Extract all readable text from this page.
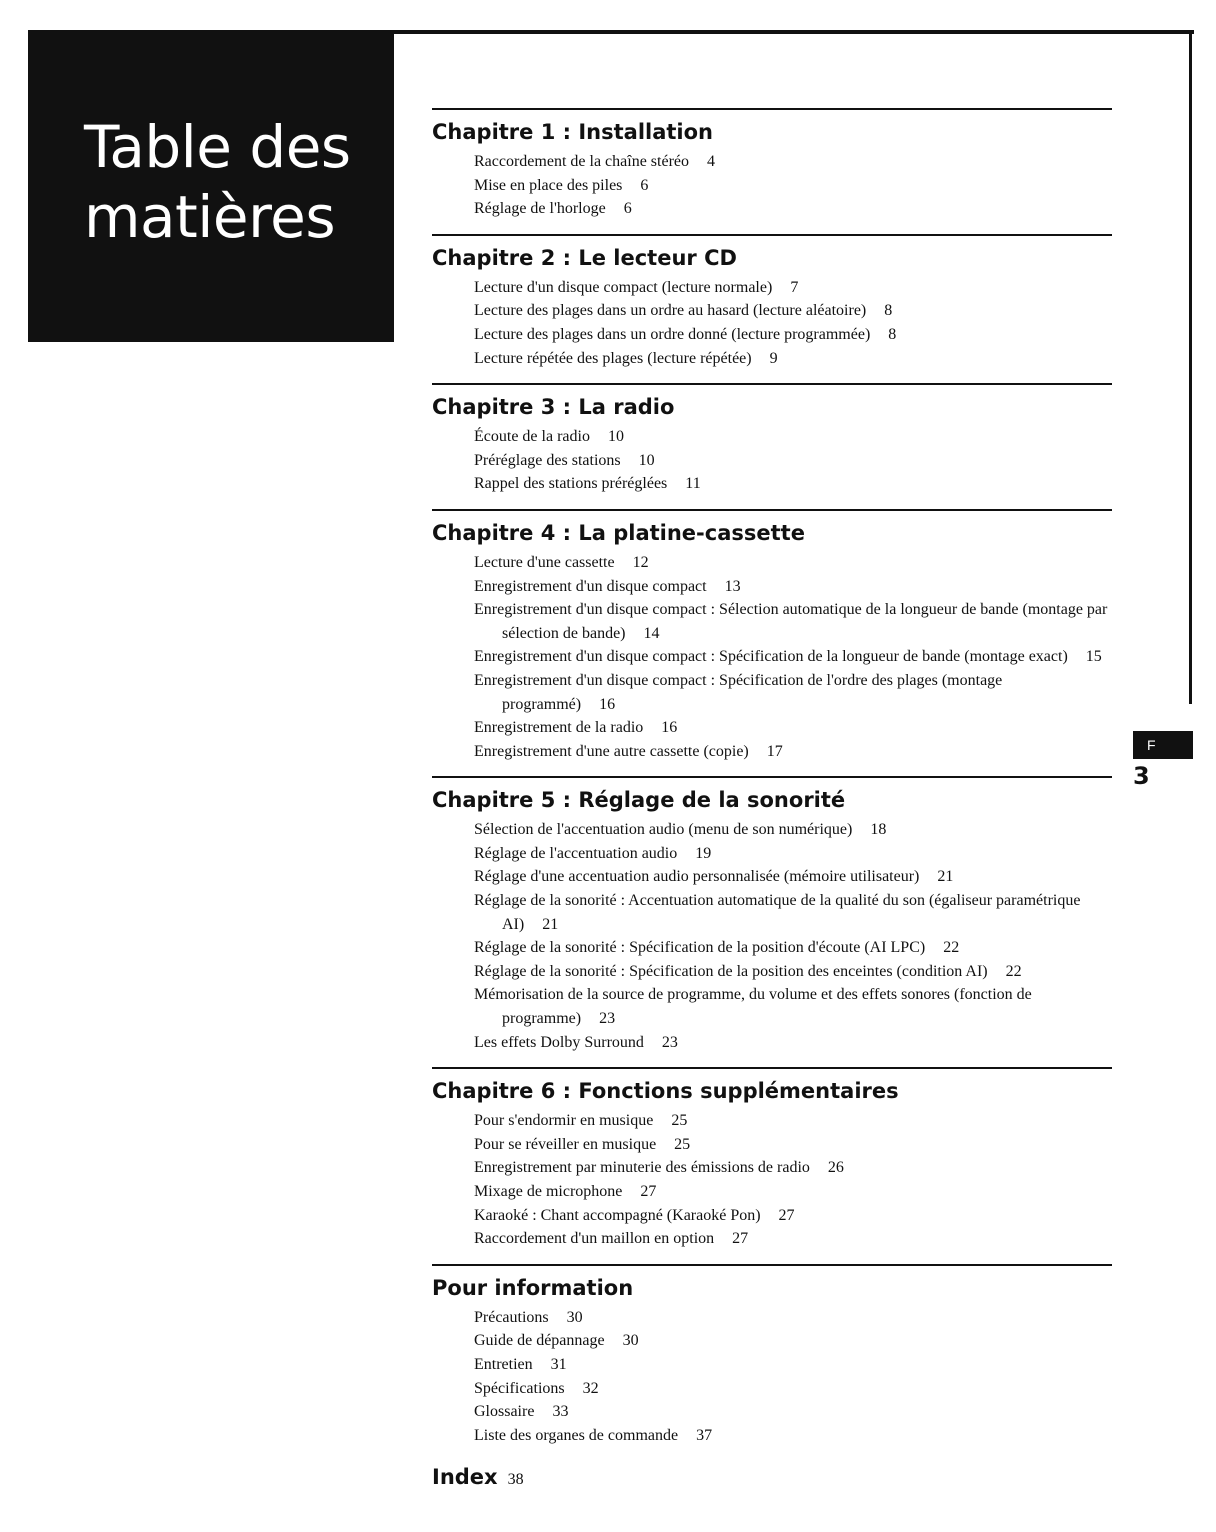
Table des
matières
Chapitre 1 : Installation
Raccordement de la chaîne stéréo 4
Mise en place des piles 6
Réglage de l'horloge 6
Chapitre 2 : Le lecteur CD
Lecture d'un disque compact (lecture normale) 7
Lecture des plages dans un ordre au hasard (lecture aléatoire) 8
Lecture des plages dans un ordre donné (lecture programmée) 8
Lecture répétée des plages (lecture répétée) 9
Chapitre 3 : La radio
Écoute de la radio 10
Préréglage des stations 10
Rappel des stations préréglées 11
Chapitre 4 : La platine-cassette
Lecture d'une cassette 12
Enregistrement d'un disque compact 13
Enregistrement d'un disque compact : Sélection automatique de la longueur de bande (montage par sélection de bande) 14
Enregistrement d'un disque compact : Spécification de la longueur de bande (montage exact) 15
Enregistrement d'un disque compact : Spécification de l'ordre des plages (montage programmé) 16
Enregistrement de la radio 16
Enregistrement d'une autre cassette (copie) 17
Chapitre 5 : Réglage de la sonorité
Sélection de l'accentuation audio (menu de son numérique) 18
Réglage de l'accentuation audio 19
Réglage d'une accentuation audio personnalisée (mémoire utilisateur) 21
Réglage de la sonorité : Accentuation automatique de la qualité du son (égaliseur paramétrique AI) 21
Réglage de la sonorité : Spécification de la position d'écoute (AI LPC) 22
Réglage de la sonorité : Spécification de la position des enceintes (condition AI) 22
Mémorisation de la source de programme, du volume et des effets sonores (fonction de programme) 23
Les effets Dolby Surround 23
Chapitre 6 : Fonctions supplémentaires
Pour s'endormir en musique 25
Pour se réveiller en musique 25
Enregistrement par minuterie des émissions de radio 26
Mixage de microphone 27
Karaoké : Chant accompagné (Karaoké Pon) 27
Raccordement d'un maillon en option 27
Pour information
Précautions 30
Guide de dépannage 30
Entretien 31
Spécifications 32
Glossaire 33
Liste des organes de commande 37
Index 38
F
3
